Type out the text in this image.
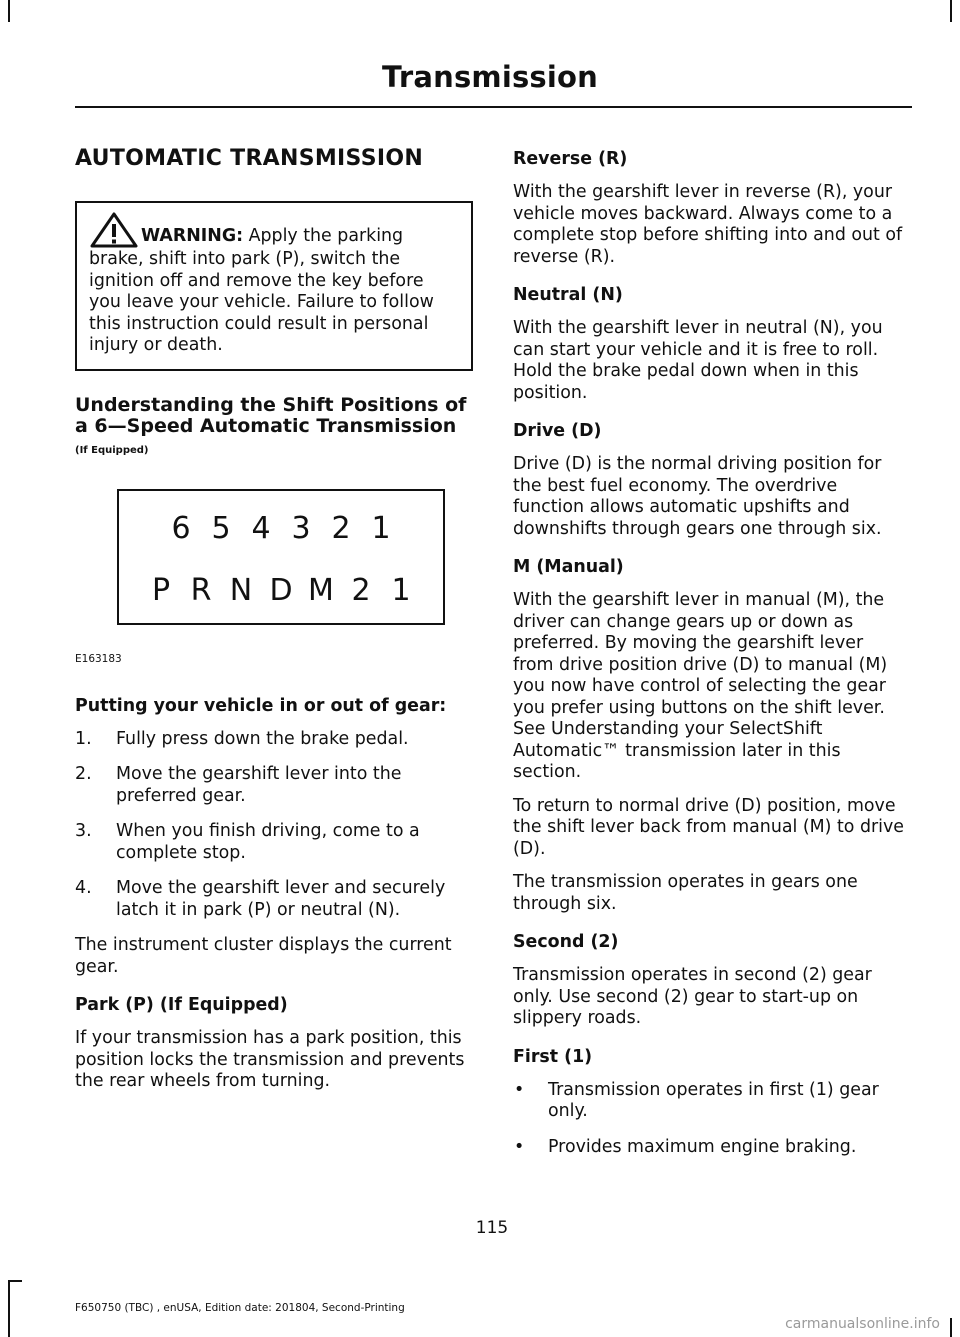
Transmission
AUTOMATIC TRANSMISSION
WARNING: Apply the parking brake, shift into park (P), switch the ignition off and remove the key before you leave your vehicle. Failure to follow this instruction could result in personal injury or death.
Understanding the Shift Positions of a 6—Speed Automatic Transmission (If Equipped)
6 5 4 3 2 1
P R N D M 2 1
E163183
Putting your vehicle in or out of gear:
1. Fully press down the brake pedal.
2. Move the gearshift lever into the preferred gear.
3. When you finish driving, come to a complete stop.
4. Move the gearshift lever and securely latch it in park (P) or neutral (N).

The instrument cluster displays the current gear.

Park (P) (If Equipped)

If your transmission has a park position, this position locks the transmission and prevents the rear wheels from turning.

Reverse (R)

With the gearshift lever in reverse (R), your vehicle moves backward. Always come to a complete stop before shifting into and out of reverse (R).

Neutral (N)

With the gearshift lever in neutral (N), you can start your vehicle and it is free to roll. Hold the brake pedal down when in this position.

Drive (D)

Drive (D) is the normal driving position for the best fuel economy. The overdrive function allows automatic upshifts and downshifts through gears one through six.

M (Manual)

With the gearshift lever in manual (M), the driver can change gears up or down as preferred. By moving the gearshift lever from drive position drive (D) to manual (M) you now have control of selecting the gear you prefer using buttons on the shift lever. See Understanding your SelectShift Automatic™ transmission later in this section.

To return to normal drive (D) position, move the shift lever back from manual (M) to drive (D).

The transmission operates in gears one through six.

Second (2)

Transmission operates in second (2) gear only. Use second (2) gear to start-up on slippery roads.

First (1)
• Transmission operates in first (1) gear only.
• Provides maximum engine braking.
115
F650750 (TBC) , enUSA, Edition date: 201804, Second-Printing
carmanualsonline.info
